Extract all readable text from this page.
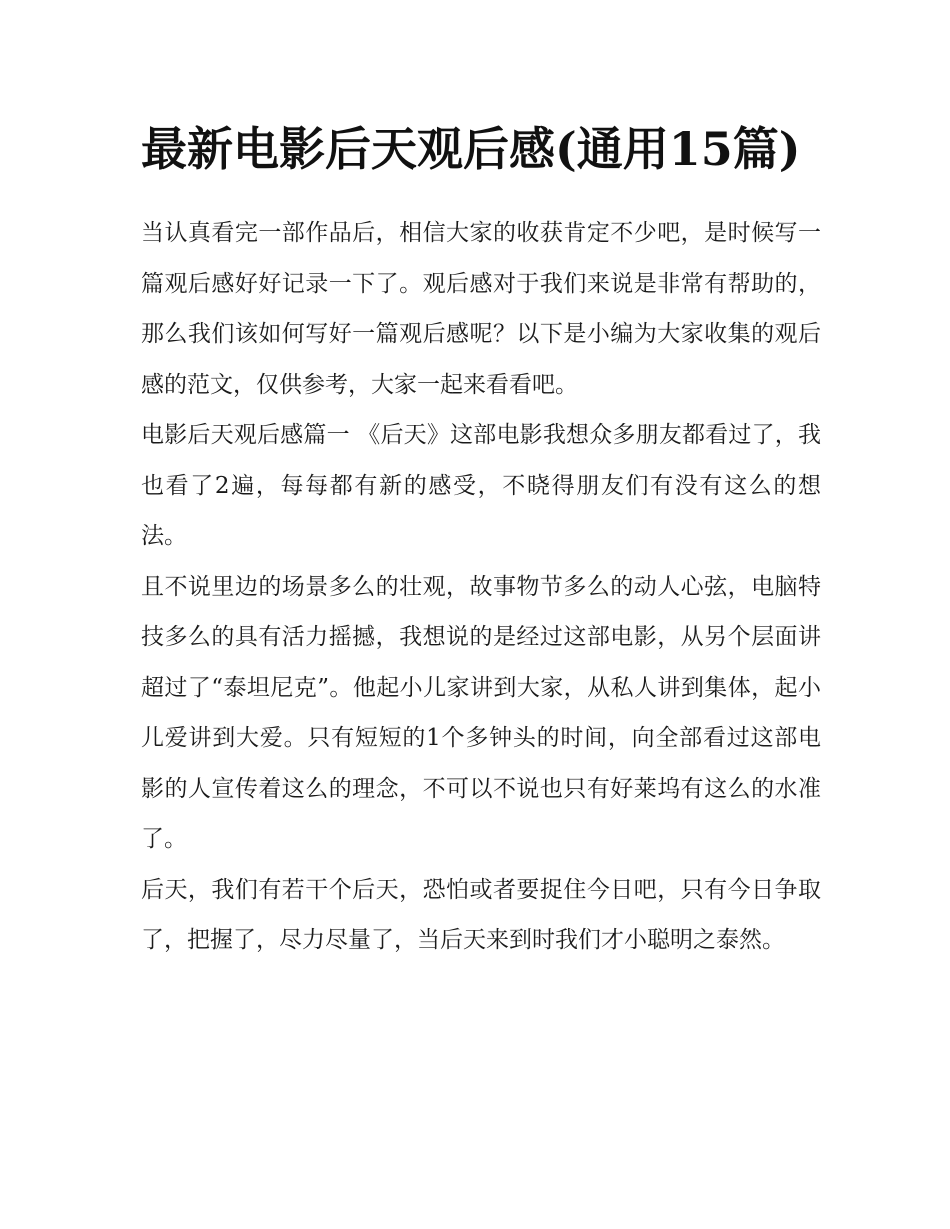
最新电影后天观后感(通用15篇)

当认真看完一部作品后，相信大家的收获肯定不少吧，是时候写一篇观后感好好记录一下了。观后感对于我们来说是非常有帮助的，那么我们该如何写好一篇观后感呢？以下是小编为大家收集的观后感的范文，仅供参考，大家一起来看看吧。

电影后天观后感篇一 《后天》这部电影我想众多朋友都看过了，我也看了2遍，每每都有新的感受，不晓得朋友们有没有这么的想法。

且不说里边的场景多么的壮观，故事物节多么的动人心弦，电脑特技多么的具有活力摇撼，我想说的是经过这部电影，从另个层面讲超过了“泰坦尼克”。他起小儿家讲到大家，从私人讲到集体，起小儿爱讲到大爱。只有短短的1个多钟头的时间，向全部看过这部电影的人宣传着这么的理念，不可以不说也只有好莱坞有这么的水准了。

后天，我们有若干个后天，恐怕或者要捉住今日吧，只有今日争取了，把握了，尽力尽量了，当后天来到时我们才小聪明之泰然。
